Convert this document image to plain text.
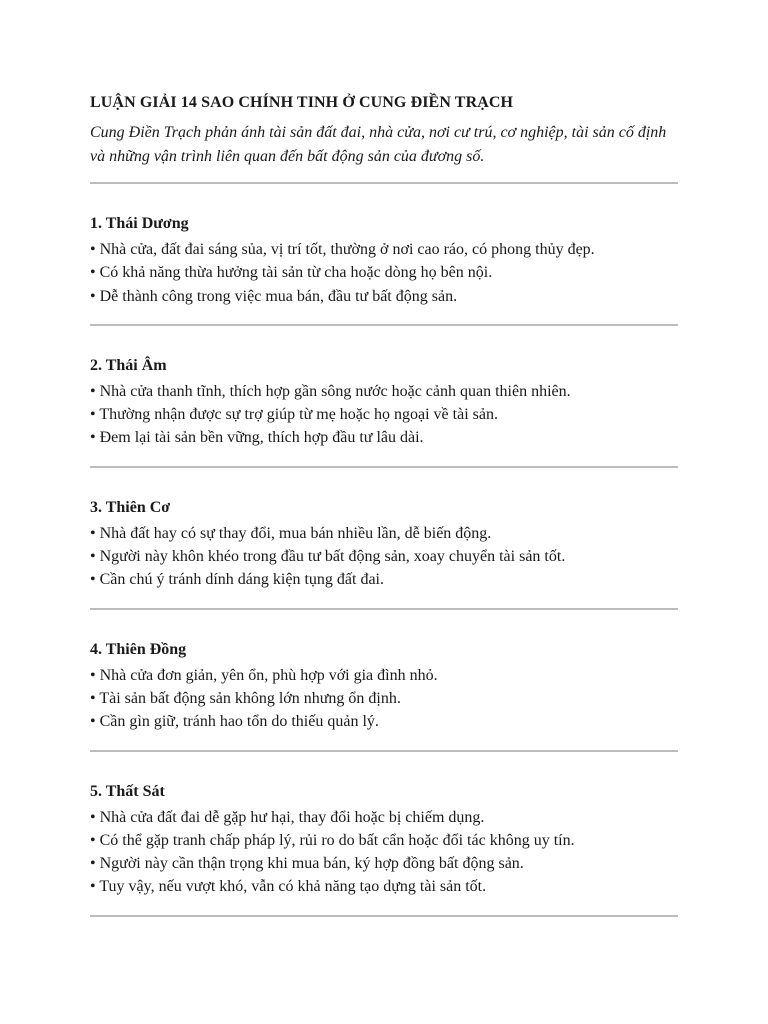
LUẬN GIẢI 14 SAO CHÍNH TINH Ở CUNG ĐIỀN TRẠCH

Cung Điền Trạch phản ánh tài sản đất đai, nhà cửa, nơi cư trú, cơ nghiệp, tài sản cố định và những vận trình liên quan đến bất động sản của đương số.

1. Thái Dương

• Nhà cửa, đất đai sáng sủa, vị trí tốt, thường ở nơi cao ráo, có phong thủy đẹp.

• Có khả năng thừa hưởng tài sản từ cha hoặc dòng họ bên nội.

• Dễ thành công trong việc mua bán, đầu tư bất động sản.

2. Thái Âm

• Nhà cửa thanh tĩnh, thích hợp gần sông nước hoặc cảnh quan thiên nhiên.

• Thường nhận được sự trợ giúp từ mẹ hoặc họ ngoại về tài sản.

• Đem lại tài sản bền vững, thích hợp đầu tư lâu dài.

3. Thiên Cơ

• Nhà đất hay có sự thay đổi, mua bán nhiều lần, dễ biến động.

• Người này khôn khéo trong đầu tư bất động sản, xoay chuyển tài sản tốt.

• Cần chú ý tránh dính dáng kiện tụng đất đai.

4. Thiên Đồng

• Nhà cửa đơn giản, yên ổn, phù hợp với gia đình nhỏ.

• Tài sản bất động sản không lớn nhưng ổn định.

• Cần gìn giữ, tránh hao tổn do thiếu quản lý.

5. Thất Sát

• Nhà cửa đất đai dễ gặp hư hại, thay đổi hoặc bị chiếm dụng.

• Có thể gặp tranh chấp pháp lý, rủi ro do bất cẩn hoặc đối tác không uy tín.

• Người này cần thận trọng khi mua bán, ký hợp đồng bất động sản.

• Tuy vậy, nếu vượt khó, vẫn có khả năng tạo dựng tài sản tốt.
